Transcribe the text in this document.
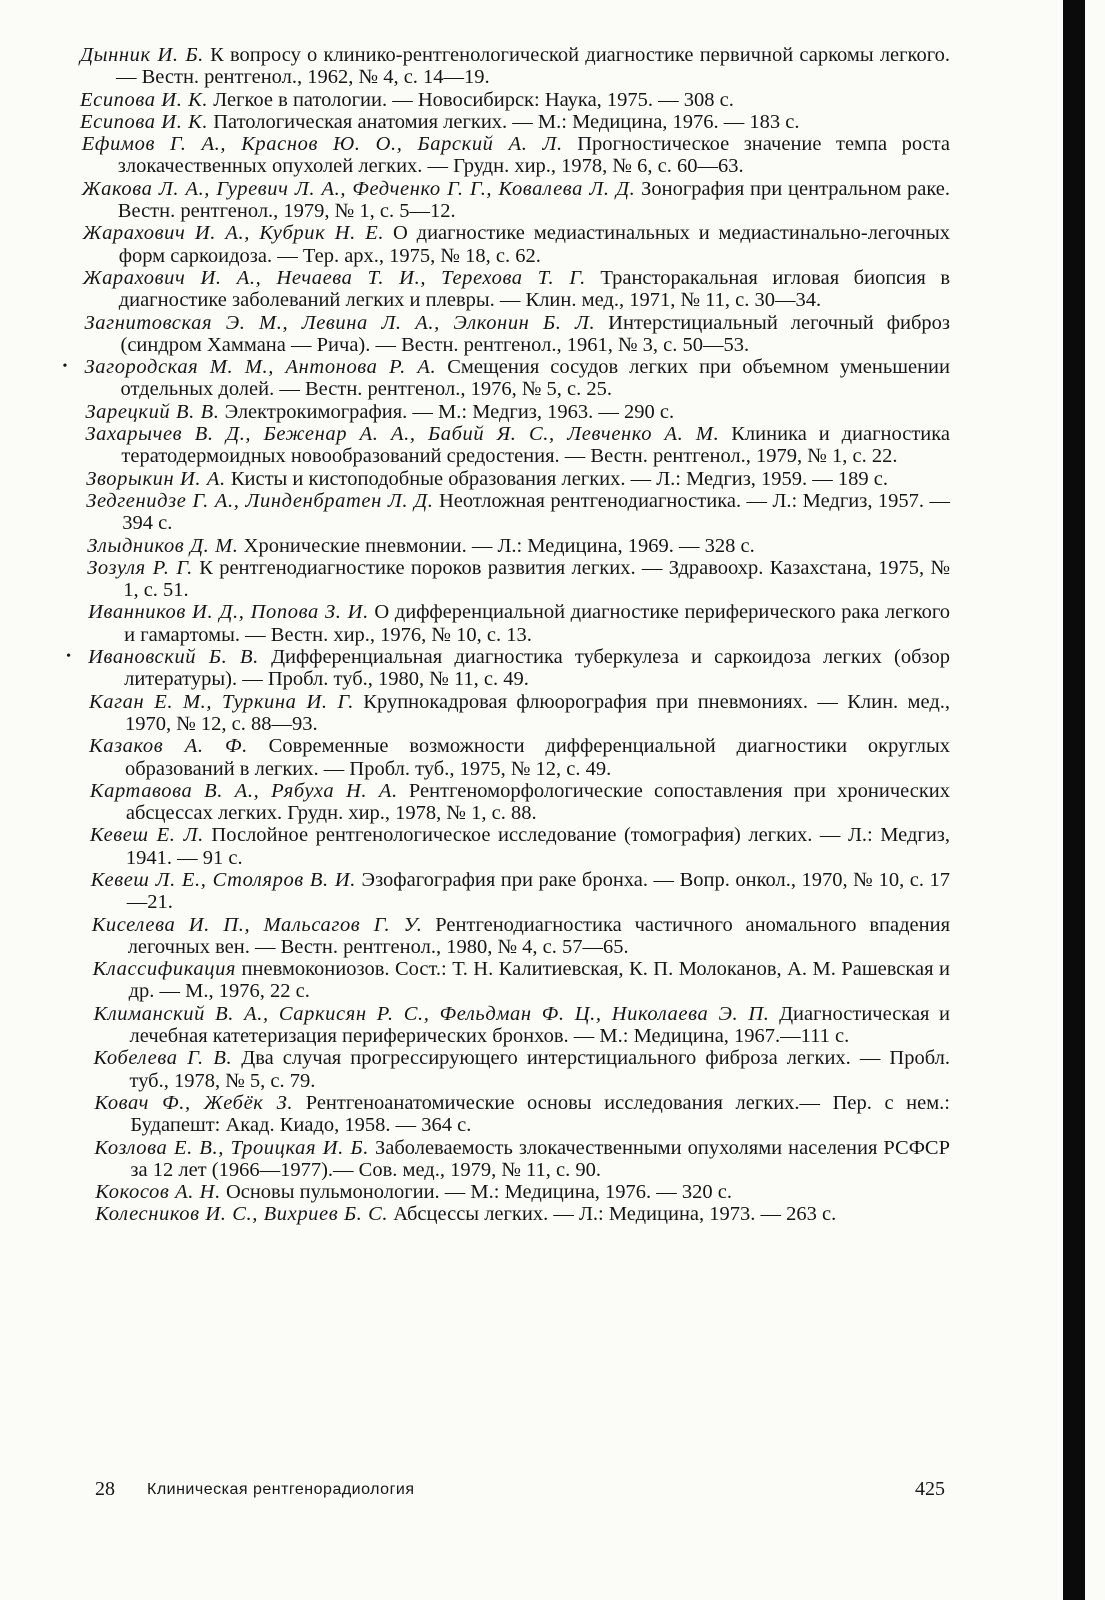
Дынник И. Б. К вопросу о клинико-рентгенологической диагностике первичной саркомы легкого. — Вестн. рентгенол., 1962, № 4, с. 14—19.
Есипова И. К. Легкое в патологии. — Новосибирск: Наука, 1975. — 308 с.
Есипова И. К. Патологическая анатомия легких. — М.: Медицина, 1976. — 183 с.
Ефимов Г. А., Краснов Ю. О., Барский А. Л. Прогностическое значение темпа роста злокачественных опухолей легких. — Грудн. хир., 1978, № 6, с. 60—63.
Жакова Л. А., Гуревич Л. А., Федченко Г. Г., Ковалева Л. Д. Зонография при центральном раке. Вестн. рентгенол., 1979, № 1, с. 5—12.
Жарахович И. А., Кубрик Н. Е. О диагностике медиастинальных и медиастинально-легочных форм саркоидоза. — Тер. арх., 1975, № 18, с. 62.
Жарахович И. А., Нечаева Т. И., Терехова Т. Г. Трансторакальная игловая биопсия в диагностике заболеваний легких и плевры. — Клин. мед., 1971, № 11, с. 30—34.
Загнитовская Э. М., Левина Л. А., Элконин Б. Л. Интерстициальный легочный фиброз (синдром Хаммана — Рича). — Вестн. рентгенол., 1961, № 3, с. 50—53.
• Загородская М. М., Антонова Р. А. Смещения сосудов легких при объемном уменьшении отдельных долей. — Вестн. рентгенол., 1976, № 5, с. 25.
Зарецкий В. В. Электрокимография. — М.: Медгиз, 1963. — 290 с.
Захарычев В. Д., Беженар А. А., Бабий Я. С., Левченко А. М. Клиника и диагностика тератодермоидных новообразований средостения. — Вестн. рентгенол., 1979, № 1, с. 22.
Зворыкин И. А. Кисты и кистоподобные образования легких. — Л.: Медгиз, 1959. — 189 с.
Зедгенидзе Г. А., Линденбратен Л. Д. Неотложная рентгенодиагностика. — Л.: Медгиз, 1957. — 394 с.
Злыдников Д. М. Хронические пневмонии. — Л.: Медицина, 1969. — 328 с.
Зозуля Р. Г. К рентгенодиагностике пороков развития легких. — Здравоохр. Казахстана, 1975, № 1, с. 51.
Иванников И. Д., Попова З. И. О дифференциальной диагностике периферического рака легкого и гамартомы. — Вестн. хир., 1976, № 10, с. 13.
• Ивановский Б. В. Дифференциальная диагностика туберкулеза и саркоидоза легких (обзор литературы). — Пробл. туб., 1980, № 11, с. 49.
Каган Е. М., Туркина И. Г. Крупнокадровая флюорография при пневмониях. — Клин. мед., 1970, № 12, с. 88—93.
Казаков А. Ф. Современные возможности дифференциальной диагностики округлых образований в легких. — Пробл. туб., 1975, № 12, с. 49.
Картавова В. А., Рябуха Н. А. Рентгеноморфологические сопоставления при хронических абсцессах легких. Грудн. хир., 1978, № 1, с. 88.
Кевеш Е. Л. Послойное рентгенологическое исследование (томография) легких. — Л.: Медгиз, 1941. — 91 с.
Кевеш Л. Е., Столяров В. И. Эзофагография при раке бронха. — Вопр. онкол., 1970, № 10, с. 17—21.
Киселева И. П., Мальсагов Г. У. Рентгенодиагностика частичного аномального впадения легочных вен. — Вестн. рентгенол., 1980, № 4, с. 57—65.
Классификация пневмокониозов. Сост.: Т. Н. Калитиевская, К. П. Молоканов, А. М. Рашевская и др. — М., 1976, 22 с.
Климанский В. А., Саркисян Р. С., Фельдман Ф. Ц., Николаева Э. П. Диагностическая и лечебная катетеризация периферических бронхов. — М.: Медицина, 1967.—111 с.
Кобелева Г. В. Два случая прогрессирующего интерстициального фиброза легких. — Пробл. туб., 1978, № 5, с. 79.
Ковач Ф., Жебёк З. Рентгеноанатомические основы исследования легких.— Пер. с нем.: Будапешт: Акад. Киадо, 1958. — 364 с.
Козлова Е. В., Троицкая И. Б. Заболеваемость злокачественными опухолями населения РСФСР за 12 лет (1966—1977).— Сов. мед., 1979, № 11, с. 90.
Кокосов А. Н. Основы пульмонологии. — М.: Медицина, 1976. — 320 с.
Колесников И. С., Вихриев Б. С. Абсцессы легких. — Л.: Медицина, 1973. — 263 с.
28 Клиническая рентгенорадиология	425
